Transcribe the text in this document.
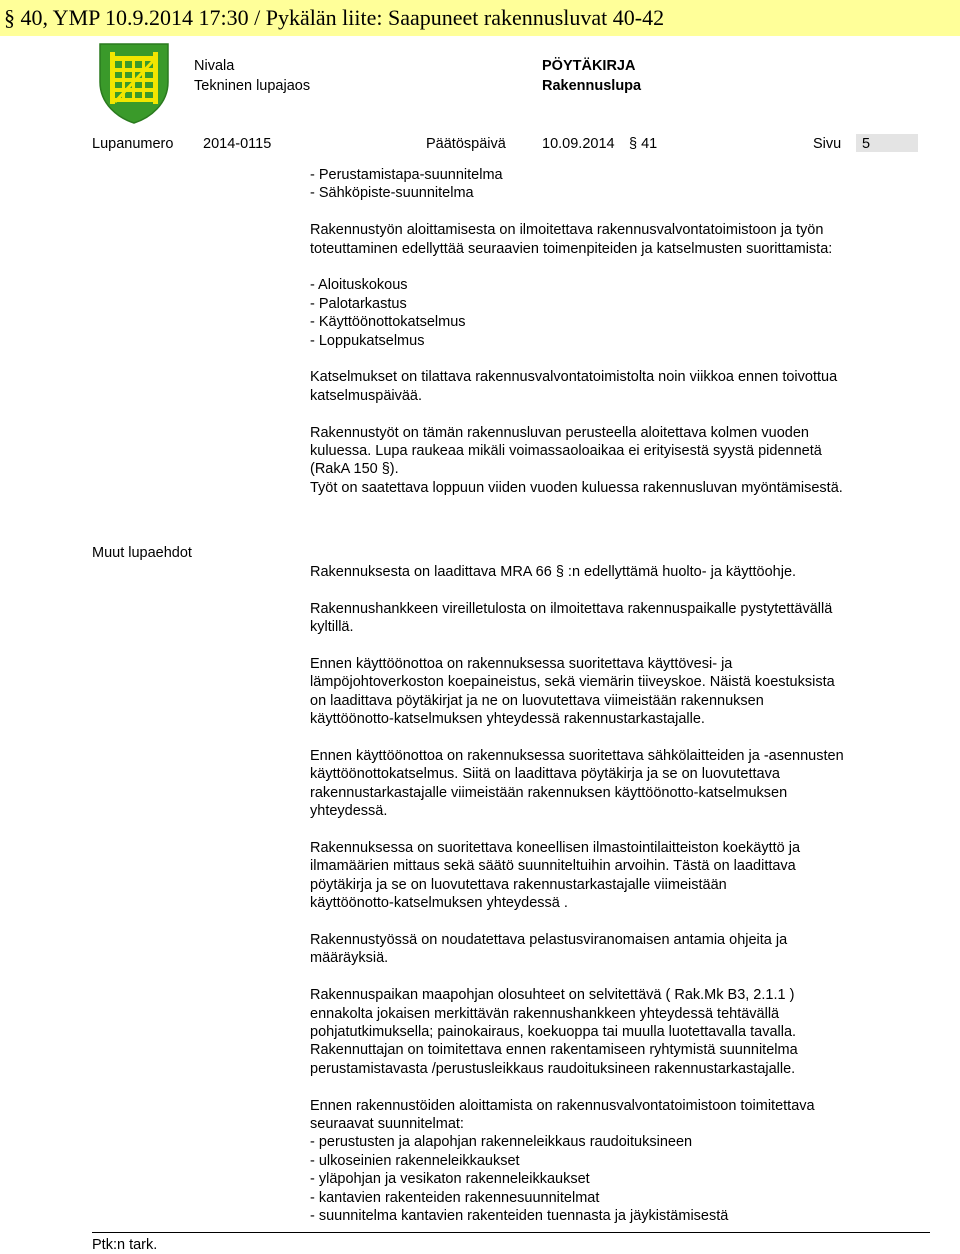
§ 40, YMP 10.9.2014 17:30 / Pykälän liite: Saapuneet rakennusluvat 40-42
Nivala
Tekninen lupajaos
PÖYTÄKIRJA
Rakennuslupa
Lupanumero 2014-0115	Päätöspäivä 10.09.2014 § 41	Sivu 5

- Perustamistapa-suunnitelma

- Sähköpiste-suunnitelma

Rakennustyön aloittamisesta on ilmoitettava rakennusvalvontatoimistoon ja työn

toteuttaminen edellyttää seuraavien toimenpiteiden ja katselmusten suorittamista:

- Aloituskokous

- Palotarkastus

- Käyttöönottokatselmus

- Loppukatselmus

Katselmukset on tilattava rakennusvalvontatoimistolta noin viikkoa ennen toivottua

katselmuspäivää.

Rakennustyöt on tämän rakennusluvan perusteella aloitettava kolmen vuoden

kuluessa. Lupa raukeaa mikäli voimassaoloaikaa ei erityisestä syystä pidennetä

(RakA 150 §).

Työt on saatettava loppuun viiden vuoden kuluessa rakennusluvan myöntämisestä.

Muut lupaehdot

Rakennuksesta on laadittava MRA 66 § :n edellyttämä huolto- ja käyttöohje.

Rakennushankkeen vireilletulosta on ilmoitettava rakennuspaikalle pystytettävällä

kyltillä.

Ennen käyttöönottoa on rakennuksessa suoritettava käyttövesi- ja

lämpöjohtoverkoston koepaineistus, sekä viemärin tiiveyskoe. Näistä koestuksista

on laadittava pöytäkirjat ja ne on luovutettava viimeistään rakennuksen

käyttöönotto-katselmuksen yhteydessä rakennustarkastajalle.

Ennen käyttöönottoa on rakennuksessa suoritettava sähkölaitteiden ja -asennusten

käyttöönottokatselmus. Siitä on laadittava pöytäkirja ja se on luovutettava

rakennustarkastajalle viimeistään rakennuksen käyttöönotto-katselmuksen

yhteydessä.

Rakennuksessa on suoritettava koneellisen ilmastointilaitteiston koekäyttö ja

ilmamäärien mittaus sekä säätö suunniteltuihin arvoihin. Tästä on laadittava

pöytäkirja ja se on luovutettava rakennustarkastajalle viimeistään

käyttöönotto-katselmuksen yhteydessä .

Rakennustyössä on noudatettava pelastusviranomaisen antamia ohjeita ja

määräyksiä.

Rakennuspaikan maapohjan olosuhteet on selvitettävä ( Rak.Mk B3, 2.1.1 )

ennakolta jokaisen merkittävän rakennushankkeen yhteydessä tehtävällä

pohjatutkimuksella; painokairaus, koekuoppa tai muulla luotettavalla tavalla.

Rakennuttajan on toimitettava ennen rakentamiseen ryhtymistä suunnitelma

perustamistavasta /perustusleikkaus raudoituksineen rakennustarkastajalle.

Ennen rakennustöiden aloittamista on rakennusvalvontatoimistoon toimitettava

seuraavat suunnitelmat:

- perustusten ja alapohjan rakenneleikkaus raudoituksineen

- ulkoseinien rakenneleikkaukset

- yläpohjan ja vesikaton rakenneleikkaukset

- kantavien rakenteiden rakennesuunnitelmat

- suunnitelma kantavien rakenteiden tuennasta ja jäykistämisestä

Ptk:n tark.
